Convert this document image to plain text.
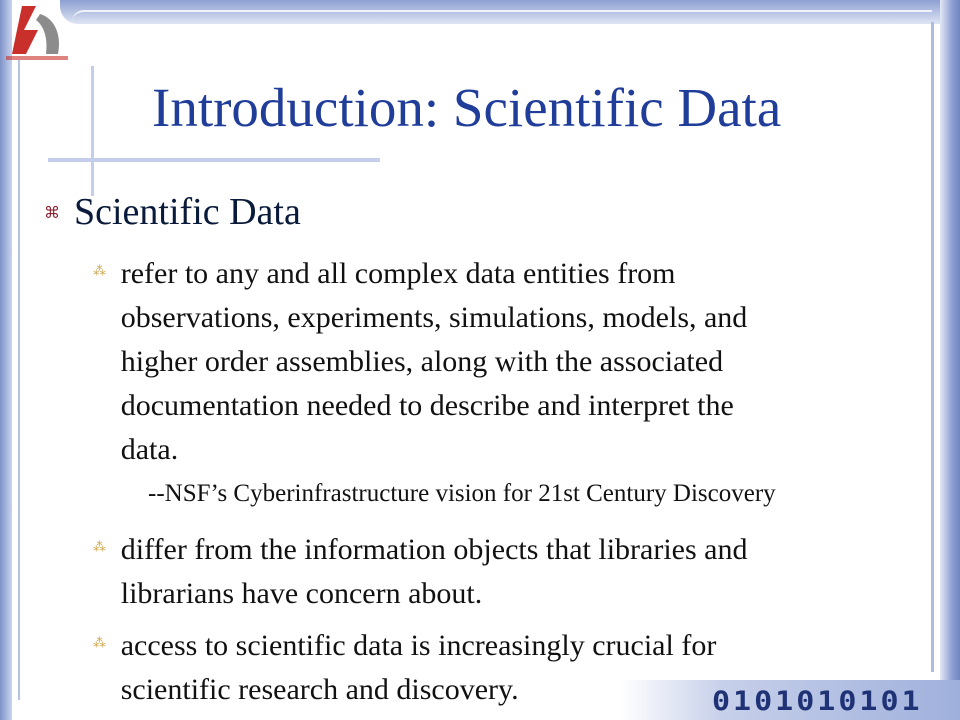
Introduction: Scientific Data
⌘ Scientific Data
⁂ refer to any and all complex data entities from
observations, experiments, simulations, models, and
higher order assemblies, along with the associated
documentation needed to describe and interpret the
data.
--NSF’s Cyberinfrastructure vision for 21st Century Discovery
⁂ differ from the information objects that libraries and
librarians have concern about.
⁂ access to scientific data is increasingly crucial for
scientific research and discovery.	0101010101
